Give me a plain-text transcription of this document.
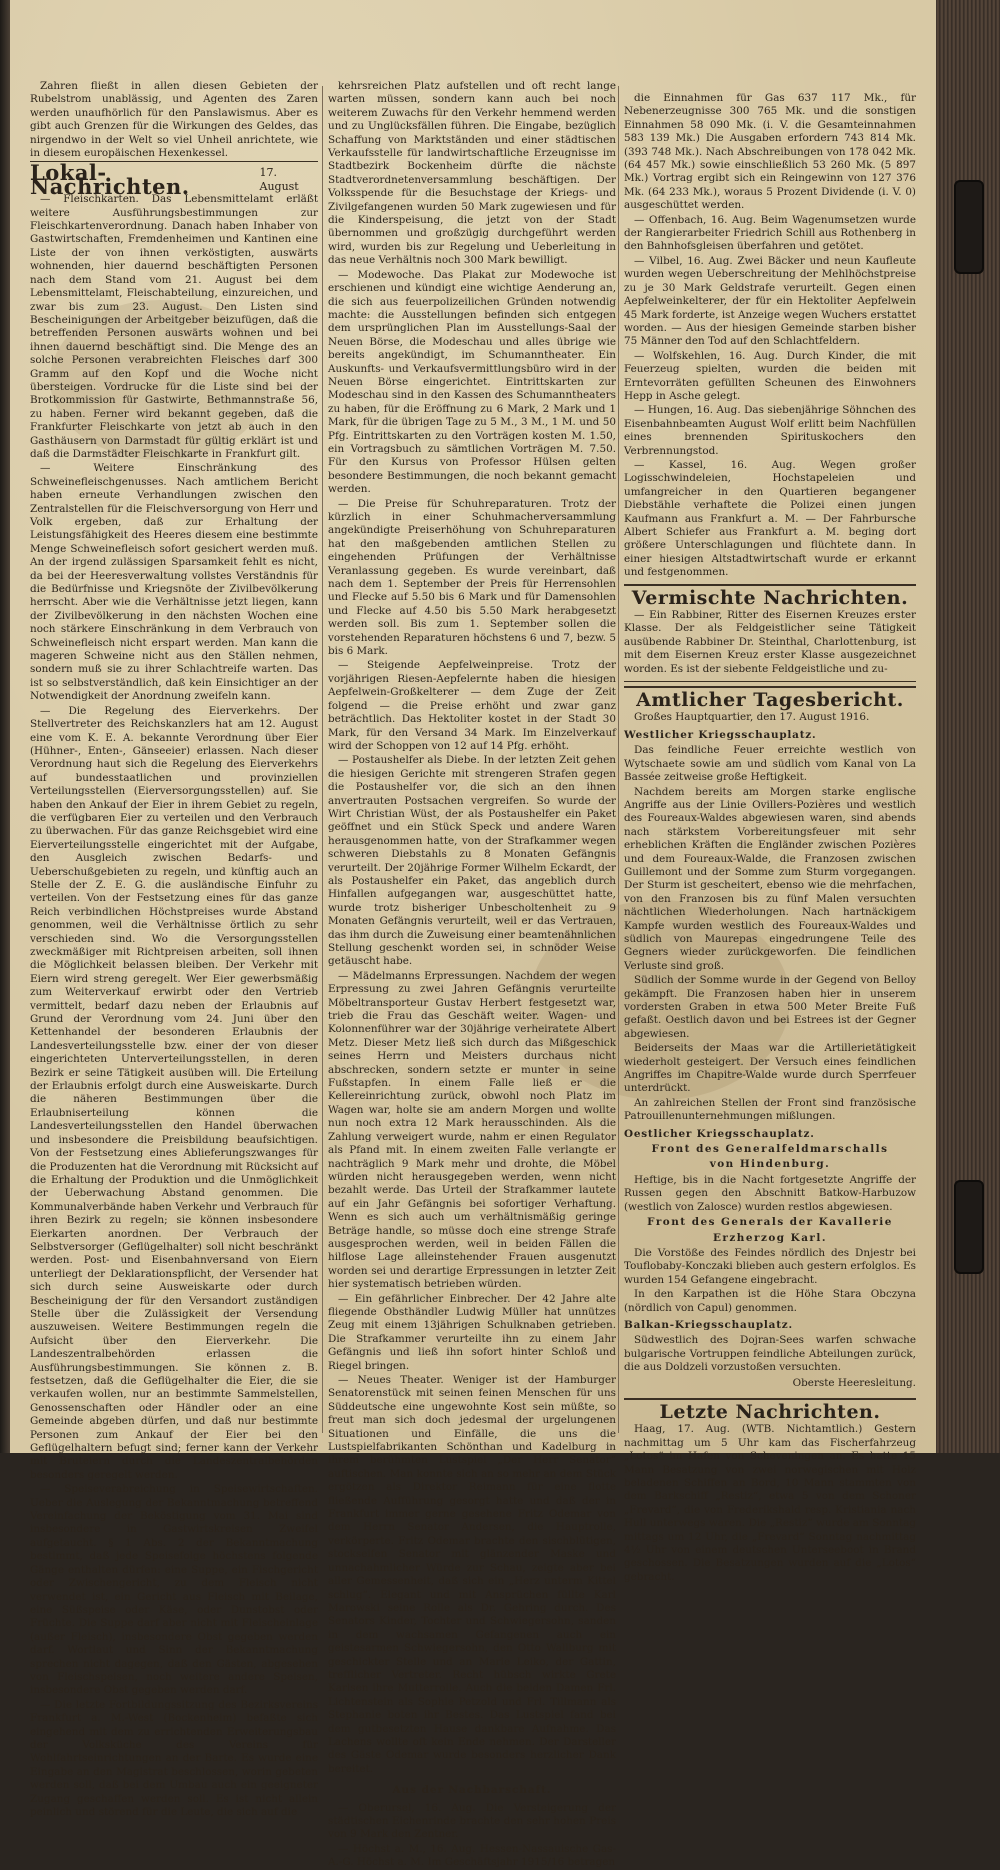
Zahren fließt in allen diesen Gebieten der Rubelstrom unablässig, und Agenten des Zaren werden unaufhörlich für den Panslawismus. Aber es gibt auch Grenzen für die Wirkungen des Geldes, das nirgendwo in der Welt so viel Unheil anrichtete, wie in diesem europäischen Hexenkessel.

Lokal-Nachrichten.
17. August

— Fleischkarten. Das Lebensmittelamt erläßt weitere Ausführungsbestimmungen zur Fleischkartenverordnung. Danach haben Inhaber von Gastwirtschaften, Fremdenheimen und Kantinen eine Liste der von ihnen verköstigten, auswärts wohnenden, hier dauernd beschäftigten Personen nach dem Stand vom 21. August bei dem Lebensmittelamt, Fleischabteilung, einzureichen, und zwar bis zum 23. August. Den Listen sind Bescheinigungen der Arbeitgeber beizufügen, daß die betreffenden Personen auswärts wohnen und bei ihnen dauernd beschäftigt sind. Die Menge des an solche Personen verabreichten Fleisches darf 300 Gramm auf den Kopf und die Woche nicht übersteigen. Vordrucke für die Liste sind bei der Brotkommission für Gastwirte, Bethmannstraße 56, zu haben. Ferner wird bekannt gegeben, daß die Frankfurter Fleischkarte von jetzt ab auch in den Gasthäusern von Darmstadt für gültig erklärt ist und daß die Darmstädter Fleischkarte in Frankfurt gilt.

— Weitere Einschränkung des Schweinefleischgenusses. Nach amtlichem Bericht haben erneute Verhandlungen zwischen den Zentralstellen für die Fleischversorgung von Herr und Volk ergeben, daß zur Erhaltung der Leistungsfähigkeit des Heeres diesem eine bestimmte Menge Schweinefleisch sofort gesichert werden muß. An der irgend zulässigen Sparsamkeit fehlt es nicht, da bei der Heeresverwaltung vollstes Verständnis für die Bedürfnisse und Kriegsnöte der Zivilbevölkerung herrscht. Aber wie die Verhältnisse jetzt liegen, kann der Zivilbevölkerung in den nächsten Wochen eine noch stärkere Einschränkung in dem Verbrauch von Schweinefleisch nicht erspart werden. Man kann die mageren Schweine nicht aus den Ställen nehmen, sondern muß sie zu ihrer Schlachtreife warten. Das ist so selbstverständlich, daß kein Einsichtiger an der Notwendigkeit der Anordnung zweifeln kann.

— Die Regelung des Eierverkehrs. Der Stellvertreter des Reichskanzlers hat am 12. August eine vom K. E. A. bekannte Verordnung über Eier (Hühner-, Enten-, Gänseeier) erlassen. Nach dieser Verordnung haut sich die Regelung des Eierverkehrs auf bundesstaatlichen und provinziellen Verteilungsstellen (Eierversorgungsstellen) auf. Sie haben den Ankauf der Eier in ihrem Gebiet zu regeln, die verfügbaren Eier zu verteilen und den Verbrauch zu überwachen. Für das ganze Reichsgebiet wird eine Eierverteilungsstelle eingerichtet mit der Aufgabe, den Ausgleich zwischen Bedarfs- und Ueberschußgebieten zu regeln, und künftig auch an Stelle der Z. E. G. die ausländische Einfuhr zu verteilen. Von der Festsetzung eines für das ganze Reich verbindlichen Höchstpreises wurde Abstand genommen, weil die Verhältnisse örtlich zu sehr verschieden sind. Wo die Versorgungsstellen zweckmäßiger mit Richtpreisen arbeiten, soll ihnen die Möglichkeit belassen bleiben. Der Verkehr mit Eiern wird streng geregelt. Wer Eier gewerbsmäßig zum Weiterverkauf erwirbt oder den Vertrieb vermittelt, bedarf dazu neben der Erlaubnis auf Grund der Verordnung vom 24. Juni über den Kettenhandel der besonderen Erlaubnis der Landesverteilungsstelle bzw. einer der von dieser eingerichteten Unterverteilungsstellen, in deren Bezirk er seine Tätigkeit ausüben will. Die Erteilung der Erlaubnis erfolgt durch eine Ausweiskarte. Durch die näheren Bestimmungen über die Erlaubniserteilung können die Landesverteilungsstellen den Handel überwachen und insbesondere die Preisbildung beaufsichtigen. Von der Festsetzung eines Ablieferungszwanges für die Produzenten hat die Verordnung mit Rücksicht auf die Erhaltung der Produktion und die Unmöglichkeit der Ueberwachung Abstand genommen. Die Kommunalverbände haben Verkehr und Verbrauch für ihren Bezirk zu regeln; sie können insbesondere Eierkarten anordnen. Der Verbrauch der Selbstversorger (Geflügelhalter) soll nicht beschränkt werden. Post- und Eisenbahnversand von Eiern unterliegt der Deklarationspflicht, der Versender hat sich durch seine Ausweiskarte oder durch Bescheinigung der für den Versandort zuständigen Stelle über die Zulässigkeit der Versendung auszuweisen. Weitere Bestimmungen regeln die Aufsicht über den Eierverkehr. Die Landeszentralbehörden erlassen die Ausführungsbestimmungen. Sie können z. B. festsetzen, daß die Geflügelhalter die Eier, die sie verkaufen wollen, nur an bestimmte Sammelstellen, Genossenschaften oder Händler oder an eine Gemeinde abgeben dürfen, und daß nur bestimmte Personen zum Ankauf der Eier bei den Geflügelhaltern befugt sind; ferner kann der Verkehr mit Bruteiern durch die Landeszentralbehörden besonders geregelt werden.

— Speiseverabreichung in Speisewirtschaften. Ueber die Auslegung der Bekanntmachung betreffend Vereinfachung der Beköstigung vom 31. Mai sind insbesondere in Gastwirtskreisen Zweifel aufgetaucht. § 1 Abs. 2 der Bekanntmachung bestimmt, daß jede Speisefolge höchstens folgende Gänge enthalten dürfen: eine Suppe, ein Fischgericht oder Zwischengericht, zu dem Fleisch nicht verwendet ist, ein Gericht aus Fleisch mit Beilage, eine Süßspeise oder Käse, oder Dunstobst oder Früchte. Die Suppe darf aber nicht mit Fleischeinlage (außer Fleisch), insbesondere Obst gegeben werden darf. Wortlaut und Sinn der Bekanntmachung sprechen nicht dagegen, daß den Gästen, abgesehen von Fleischspeisen, noch weitere andere Speisen, insbesondere Obst gegeben werden darf.

— Die letzte Fortbildungssitzung des Bezirksvereins Frankfurt a. M.-West (Bockenheim) befaßte sich eingehend mit dem zu errichtenden Erweiterungsbau der Volksküche des Vereins für Wohlfahrtseinrichtungen an der Barte. Es wurde eine Eingabe an den Magistrat beschlossen, worin gebeten werden soll, daß bei dem Umbau auch ein geeigneter Zugang geschaffen werden soll. Es ist nicht allein peinlich und störend für die Leute, die sich auf die

kehrsreichen Platz aufstellen und oft recht lange warten müssen, sondern kann auch bei noch weiterem Zuwachs für den Verkehr hemmend werden und zu Unglücksfällen führen. Die Eingabe, bezüglich Schaffung von Marktständen und einer städtischen Verkaufsstelle für landwirtschaftliche Erzeugnisse im Stadtbezirk Bockenheim dürfte die nächste Stadtverordnetenversammlung beschäftigen. Der Volksspende für die Besuchstage der Kriegs- und Zivilgefangenen wurden 50 Mark zugewiesen und für die Kinderspeisung, die jetzt von der Stadt übernommen und großzügig durchgeführt werden wird, wurden bis zur Regelung und Ueberleitung in das neue Verhältnis noch 300 Mark bewilligt.

— Modewoche. Das Plakat zur Modewoche ist erschienen und kündigt eine wichtige Aenderung an, die sich aus feuerpolizeilichen Gründen notwendig machte: die Ausstellungen befinden sich entgegen dem ursprünglichen Plan im Ausstellungs-Saal der Neuen Börse, die Modeschau und alles übrige wie bereits angekündigt, im Schumanntheater. Ein Auskunfts- und Verkaufsvermittlungsbüro wird in der Neuen Börse eingerichtet. Eintrittskarten zur Modeschau sind in den Kassen des Schumanntheaters zu haben, für die Eröffnung zu 6 Mark, 2 Mark und 1 Mark, für die übrigen Tage zu 5 M., 3 M., 1 M. und 50 Pfg. Eintrittskarten zu den Vorträgen kosten M. 1.50, ein Vortragsbuch zu sämtlichen Vorträgen M. 7.50. Für den Kursus von Professor Hülsen gelten besondere Bestimmungen, die noch bekannt gemacht werden.

— Die Preise für Schuhreparaturen. Trotz der kürzlich in einer Schuhmacherversammlung angekündigte Preiserhöhung von Schuhreparaturen hat den maßgebenden amtlichen Stellen zu eingehenden Prüfungen der Verhältnisse Veranlassung gegeben. Es wurde vereinbart, daß nach dem 1. September der Preis für Herrensohlen und Flecke auf 5.50 bis 6 Mark und für Damensohlen und Flecke auf 4.50 bis 5.50 Mark herabgesetzt werden soll. Bis zum 1. September sollen die vorstehenden Reparaturen höchstens 6 und 7, bezw. 5 bis 6 Mark.

— Steigende Aepfelweinpreise. Trotz der vorjährigen Riesen-Aepfelernte haben die hiesigen Aepfelwein-Großkelterer — dem Zuge der Zeit folgend — die Preise erhöht und zwar ganz beträchtlich. Das Hektoliter kostet in der Stadt 30 Mark, für den Versand 34 Mark. Im Einzelverkauf wird der Schoppen von 12 auf 14 Pfg. erhöht.

— Postaushelfer als Diebe. In der letzten Zeit gehen die hiesigen Gerichte mit strengeren Strafen gegen die Postaushelfer vor, die sich an den ihnen anvertrauten Postsachen vergreifen. So wurde der Wirt Christian Wüst, der als Postaushelfer ein Paket geöffnet und ein Stück Speck und andere Waren herausgenommen hatte, von der Strafkammer wegen schweren Diebstahls zu 8 Monaten Gefängnis verurteilt. Der 20jährige Former Wilhelm Eckardt, der als Postaushelfer ein Paket, das angeblich durch Hinfallen aufgegangen war, ausgeschüttet hatte, wurde trotz bisheriger Unbescholtenheit zu 9 Monaten Gefängnis verurteilt, weil er das Vertrauen, das ihm durch die Zuweisung einer beamtenähnlichen Stellung geschenkt worden sei, in schnöder Weise getäuscht habe.

— Mädelmanns Erpressungen. Nachdem der wegen Erpressung zu zwei Jahren Gefängnis verurteilte Möbeltransporteur Gustav Herbert festgesetzt war, trieb die Frau das Geschäft weiter. Wagen- und Kolonnenführer war der 30jährige verheiratete Albert Metz. Dieser Metz ließ sich durch das Mißgeschick seines Herrn und Meisters durchaus nicht abschrecken, sondern setzte er munter in seine Fußstapfen. In einem Falle ließ er die Kellereinrichtung zurück, obwohl noch Platz im Wagen war, holte sie am andern Morgen und wollte nun noch extra 12 Mark herausschinden. Als die Zahlung verweigert wurde, nahm er einen Regulator als Pfand mit. In einem zweiten Falle verlangte er nachträglich 9 Mark mehr und drohte, die Möbel würden nicht herausgegeben werden, wenn nicht bezahlt werde. Das Urteil der Strafkammer lautete auf ein Jahr Gefängnis bei sofortiger Verhaftung. Wenn es sich auch um verhältnismäßig geringe Beträge handle, so müsse doch eine strenge Strafe ausgesprochen werden, weil in beiden Fällen die hilflose Lage alleinstehender Frauen ausgenutzt worden sei und derartige Erpressungen in letzter Zeit hier systematisch betrieben würden.

— Ein gefährlicher Einbrecher. Der 42 Jahre alte fliegende Obsthändler Ludwig Müller hat unnützes Zeug mit einem 13jährigen Schulknaben getrieben. Die Strafkammer verurteilte ihn zu einem Jahr Gefängnis und ließ ihn sofort hinter Schloß und Riegel bringen.

— Neues Theater. Weniger ist der Hamburger Senatorenstück mit seinen feinen Menschen für uns Süddeutsche eine ungewohnte Kost sein müßte, so freut man sich doch jedesmal der urgelungenen Situationen und Einfälle, die uns die Lustspielfabrikanten Schönthan und Kadelburg in ihrem berühmten Lustspiel „Der Herr Senator“ auftischen. Man konnte sich an so mehr an dem Stück ergötzen als Direktor Reimann für eine flotte fließende Aufführung gesorgt hatte und daß der in Frankfurt immer gerne gesehene Fritz Odemar von dem Herrn Senator Andersen, die Hauptrolle, verkörperte. Fritz Odemar brachte den sischblütigen, stockseifen Senator mit glänzender Maske und unnachahmlicher Würde zur Schau, zeigte aber bei aller Gemessenheit, daß sich ein „Herz unterm Kittel schlug“. Elegant und mit Ansprüchen füllte Karl Marowski seine Rolle als Dr. Gehring durch. Des Senators Kinder, Tochter und Schwiegersohn, sanden in dem wachsamen Gefangenen auch ein geistesarmen Schwiegersohn, den Otto Wallburg mit geschickter Stelle und an Marie Leiko, der Gattin, trefflicher Vertreter. Recht hübsch wirkte Grete Karlsen ihre Mutterrolle. Auch die beiden Damen Frl. Lichtenstein als Sophie Petzold und Frl. Tillmann als Stephanie boten ihr Bestes. Das Lustspiel fand bei dem gutbesetzten Hause dankbare Aufnahme. Das Lachens wollte oft kein Ende nehmen. Der Darsteller des Gäste Odemar wurde besonders herzlicher Dank bereitet.

Aus der Nachbarschaft.

— Oberursel, 16. Aug. Die Versteigerung der städtischen Eichenrinde brachte den sehr hohen Preis von 9 Mark den Zentner.

— Höchst a. M., 16. Aug. Hessen-Nassauische Gas-A.-G. Höchst a. M. Im Geschäftsjahr 1915/16 betragen

die Einnahmen für Gas 637 117 Mk., für Nebenerzeugnisse 300 765 Mk. und die sonstigen Einnahmen 58 090 Mk. (i. V. die Gesamteinnahmen 583 139 Mk.) Die Ausgaben erfordern 743 814 Mk. (393 748 Mk.). Nach Abschreibungen von 178 042 Mk. (64 457 Mk.) sowie einschließlich 53 260 Mk. (5 897 Mk.) Vortrag ergibt sich ein Reingewinn von 127 376 Mk. (64 233 Mk.), woraus 5 Prozent Dividende (i. V. 0) ausgeschüttet werden.

— Offenbach, 16. Aug. Beim Wagenumsetzen wurde der Rangierarbeiter Friedrich Schill aus Rothenberg in den Bahnhofsgleisen überfahren und getötet.

— Vilbel, 16. Aug. Zwei Bäcker und neun Kaufleute wurden wegen Ueberschreitung der Mehlhöchstpreise zu je 30 Mark Geldstrafe verurteilt. Gegen einen Aepfelweinkelterer, der für ein Hektoliter Aepfelwein 45 Mark forderte, ist Anzeige wegen Wuchers erstattet worden. — Aus der hiesigen Gemeinde starben bisher 75 Männer den Tod auf den Schlachtfeldern.

— Wolfskehlen, 16. Aug. Durch Kinder, die mit Feuerzeug spielten, wurden die beiden mit Erntevorräten gefüllten Scheunen des Einwohners Hepp in Asche gelegt.

— Hungen, 16. Aug. Das siebenjährige Söhnchen des Eisenbahnbeamten August Wolf erlitt beim Nachfüllen eines brennenden Spirituskochers den Verbrennungstod.

— Kassel, 16. Aug. Wegen großer Logisschwindeleien, Hochstapeleien und umfangreicher in den Quartieren begangener Diebstähle verhaftete die Polizei einen jungen Kaufmann aus Frankfurt a. M. — Der Fahrbursche Albert Schiefer aus Frankfurt a. M. beging dort größere Unterschlagungen und flüchtete dann. In einer hiesigen Altstadtwirtschaft wurde er erkannt und festgenommen.

Vermischte Nachrichten.

— Ein Rabbiner, Ritter des Eisernen Kreuzes erster Klasse. Der als Feldgeistlicher seine Tätigkeit ausübende Rabbiner Dr. Steinthal, Charlottenburg, ist mit dem Eisernen Kreuz erster Klasse ausgezeichnet worden. Es ist der siebente Feldgeistliche und zu-

Amtlicher Tagesbericht.

Großes Hauptquartier, den 17. August 1916.

Westlicher Kriegsschauplatz.

Das feindliche Feuer erreichte westlich von Wytschaete sowie am und südlich vom Kanal von La Bassée zeitweise große Heftigkeit.

Nachdem bereits am Morgen starke englische Angriffe aus der Linie Ovillers-Pozières und westlich des Foureaux-Waldes abgewiesen waren, sind abends nach stärkstem Vorbereitungsfeuer mit sehr erheblichen Kräften die Engländer zwischen Pozières und dem Foureaux-Walde, die Franzosen zwischen Guillemont und der Somme zum Sturm vorgegangen. Der Sturm ist gescheitert, ebenso wie die mehrfachen, von den Franzosen bis zu fünf Malen versuchten nächtlichen Wiederholungen. Nach hartnäckigem Kampfe wurden westlich des Foureaux-Waldes und südlich von Maurepas eingedrungene Teile des Gegners wieder zurückgeworfen. Die feindlichen Verluste sind groß.

Südlich der Somme wurde in der Gegend von Belloy gekämpft. Die Franzosen haben hier in unserem vordersten Graben in etwa 500 Meter Breite Fuß gefaßt. Oestlich davon und bei Estrees ist der Gegner abgewiesen.

Beiderseits der Maas war die Artillerietätigkeit wiederholt gesteigert. Der Versuch eines feindlichen Angriffes im Chapitre-Walde wurde durch Sperrfeuer unterdrückt.

An zahlreichen Stellen der Front sind französische Patrouillenunternehmungen mißlungen.

Oestlicher Kriegsschauplatz.
Front des Generalfeldmarschalls
von Hindenburg.

Heftige, bis in die Nacht fortgesetzte Angriffe der Russen gegen den Abschnitt Batkow-Harbuzow (westlich von Zalosce) wurden restlos abgewiesen.

Front des Generals der Kavallerie
Erzherzog Karl.

Die Vorstöße des Feindes nördlich des Dnjestr bei Touflobaby-Konczaki blieben auch gestern erfolglos. Es wurden 154 Gefangene eingebracht.

In den Karpathen ist die Höhe Stara Obczyna (nördlich von Capul) genommen.

Balkan-Kriegsschauplatz.

Südwestlich des Dojran-Sees warfen schwache bulgarische Vortruppen feindliche Abteilungen zurück, die aus Doldzeli vorzustoßen versuchten.

Oberste Heeresleitung.
Letzte Nachrichten.

Haag, 17. Aug. (WTB. Nichtamtlich.) Gestern nachmittag um 5 Uhr kam das Fischerfahrzeug „Lotos“ im Hafen von Scheveningen an. Es hatte 15 Mann Besatzung von zwei norwegischen mit Holz beladenen Schiffen an Bord, 10 Mann stammten von dem Barkschiff „Restiz“, etwa 5 von dem Schoner „Frevard“, die von Frederikshald resp. Kristiania nach Hull unterwegs waren. Die „Restiz“ wurde am Sonntag mittags um 12 Uhr, die „Frevard“ Sonntag nachmittag 4½ Uhr von einem deutschen Unterseeboot in Brand geschossen. Die Besatzungen wurden auf die „Lotos“ gebracht.
